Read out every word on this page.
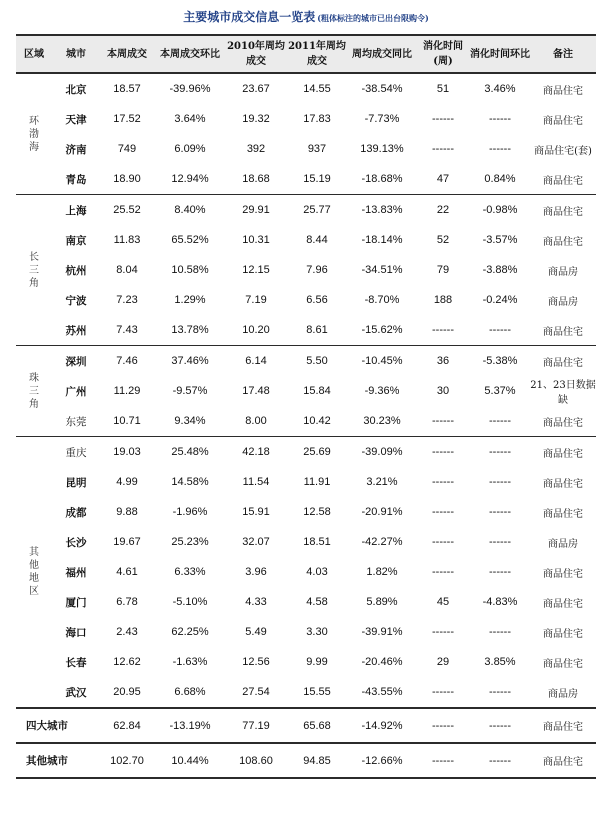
主要城市成交信息一览表 (粗体标注的城市已出台限购令)
区域	城市	本周成交	本周成交环比	2010年周均成交	2011年周均成交	周均成交同比	消化时间(周)	消化时间环比	备注
环渤海	北京	18.57	-39.96%	23.67	14.55	-38.54%	51	3.46%	商品住宅
	天津	17.52	3.64%	19.32	17.83	-7.73%	------	------	商品住宅
	济南	749	6.09%	392	937	139.13%	------	------	商品住宅(套)
	青岛	18.90	12.94%	18.68	15.19	-18.68%	47	0.84%	商品住宅
长三角	上海	25.52	8.40%	29.91	25.77	-13.83%	22	-0.98%	商品住宅
	南京	11.83	65.52%	10.31	8.44	-18.14%	52	-3.57%	商品住宅
	杭州	8.04	10.58%	12.15	7.96	-34.51%	79	-3.88%	商品房
	宁波	7.23	1.29%	7.19	6.56	-8.70%	188	-0.24%	商品房
	苏州	7.43	13.78%	10.20	8.61	-15.62%	------	------	商品住宅
珠三角	深圳	7.46	37.46%	6.14	5.50	-10.45%	36	-5.38%	商品住宅
	广州	11.29	-9.57%	17.48	15.84	-9.36%	30	5.37%	21、23日数据缺
	东莞	10.71	9.34%	8.00	10.42	30.23%	------	------	商品住宅
其他地区	重庆	19.03	25.48%	42.18	25.69	-39.09%	------	------	商品住宅
	昆明	4.99	14.58%	11.54	11.91	3.21%	------	------	商品住宅
	成都	9.88	-1.96%	15.91	12.58	-20.91%	------	------	商品住宅
	长沙	19.67	25.23%	32.07	18.51	-42.27%	------	------	商品房
	福州	4.61	6.33%	3.96	4.03	1.82%	------	------	商品住宅
	厦门	6.78	-5.10%	4.33	4.58	5.89%	45	-4.83%	商品住宅
	海口	2.43	62.25%	5.49	3.30	-39.91%	------	------	商品住宅
	长春	12.62	-1.63%	12.56	9.99	-20.46%	29	3.85%	商品住宅
	武汉	20.95	6.68%	27.54	15.55	-43.55%	------	------	商品房
四大城市		62.84	-13.19%	77.19	65.68	-14.92%	------	------	商品住宅
其他城市		102.70	10.44%	108.60	94.85	-12.66%	------	------	商品住宅
